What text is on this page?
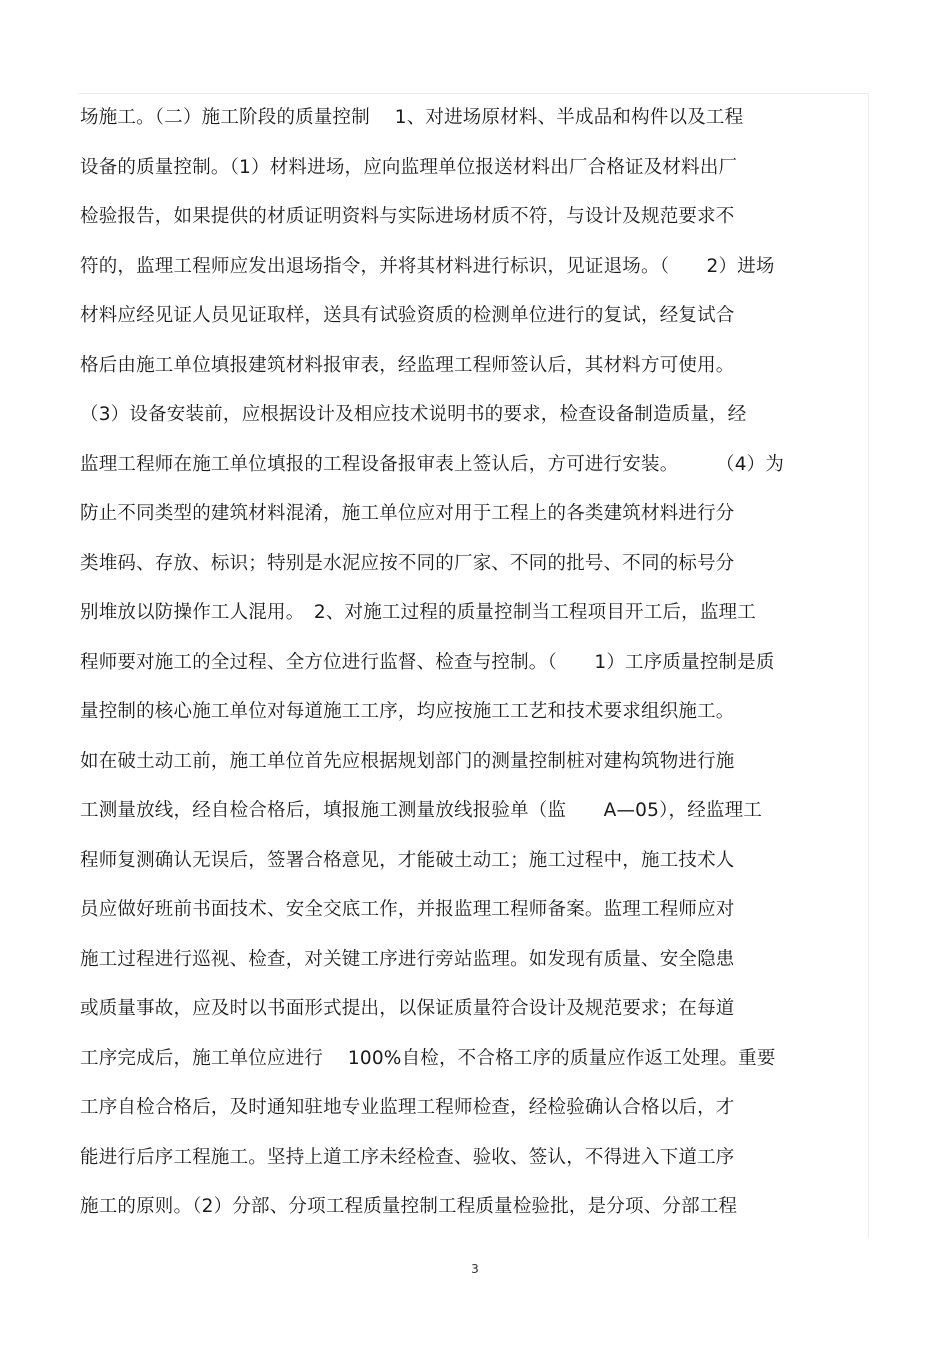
场施工。（二）施工阶段的质量控制　 1、对进场原材料、半成品和构件以及工程
设备的质量控制。（1）材料进场，应向监理单位报送材料出厂合格证及材料出厂
检验报告，如果提供的材质证明资料与实际进场材质不符，与设计及规范要求不
符的，监理工程师应发出退场指令，并将其材料进行标识，见证退场。（　　2）进场
材料应经见证人员见证取样，送具有试验资质的检测单位进行的复试，经复试合
格后由施工单位填报建筑材料报审表，经监理工程师签认后，其材料方可使用。
（3）设备安装前，应根据设计及相应技术说明书的要求，检查设备制造质量，经
监理工程师在施工单位填报的工程设备报审表上签认后，方可进行安装。　　　（4）为
防止不同类型的建筑材料混淆，施工单位应对用于工程上的各类建筑材料进行分
类堆码、存放、标识；特别是水泥应按不同的厂家、不同的批号、不同的标号分
别堆放以防操作工人混用。　2、对施工过程的质量控制当工程项目开工后，监理工
程师要对施工的全过程、全方位进行监督、检查与控制。（　　1）工序质量控制是质
量控制的核心施工单位对每道施工工序，均应按施工工艺和技术要求组织施工。
如在破土动工前，施工单位首先应根据规划部门的测量控制桩对建构筑物进行施
工测量放线，经自检合格后，填报施工测量放线报验单（监　　A—05），经监理工
程师复测确认无误后，签署合格意见，才能破土动工；施工过程中，施工技术人
员应做好班前书面技术、安全交底工作，并报监理工程师备案。监理工程师应对
施工过程进行巡视、检查，对关键工序进行旁站监理。如发现有质量、安全隐患
或质量事故，应及时以书面形式提出，以保证质量符合设计及规范要求；在每道
工序完成后，施工单位应进行　 100%自检，不合格工序的质量应作返工处理。重要
工序自检合格后，及时通知驻地专业监理工程师检查，经检验确认合格以后，才
能进行后序工程施工。坚持上道工序未经检查、验收、签认，不得进入下道工序
施工的原则。（2）分部、分项工程质量控制工程质量检验批，是分项、分部工程
3
